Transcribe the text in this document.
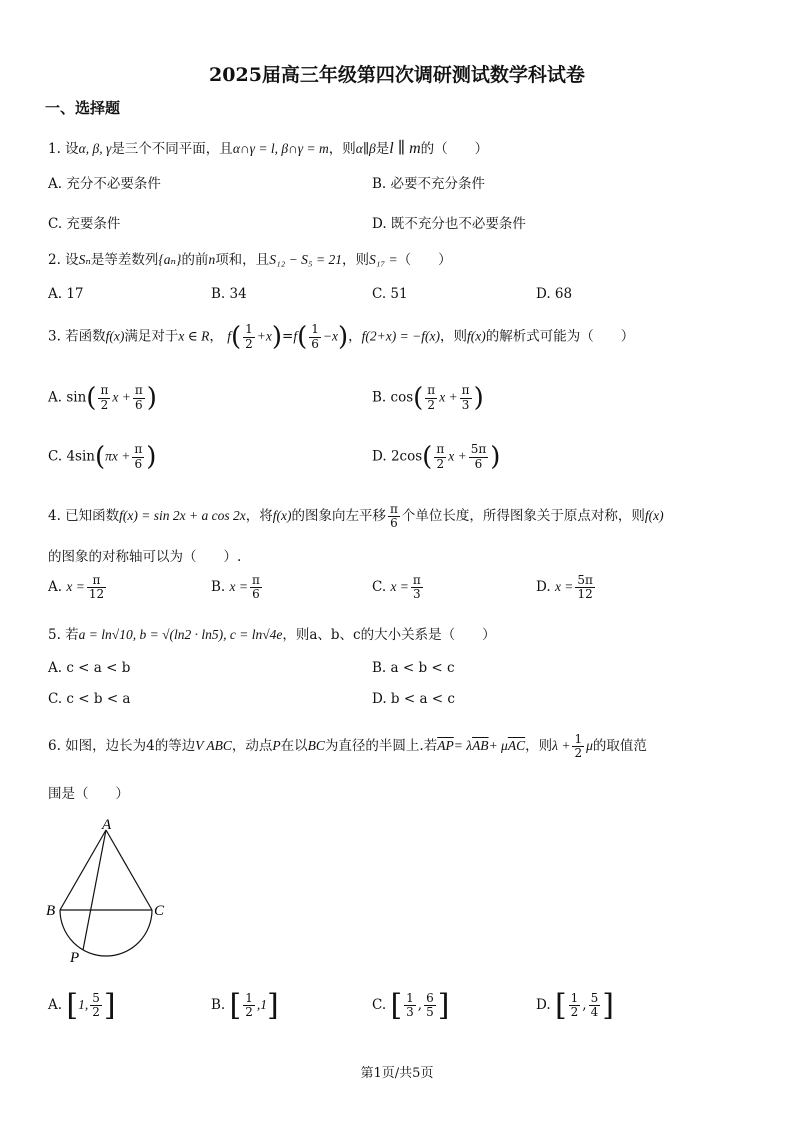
2025届高三年级第四次调研测试数学科试卷
一、选择题
1. 设α, β, γ是三个不同平面，且α∩γ = l, β∩γ = m，则α∥β是l ∥ m的（　　）
A. 充分不必要条件	B. 必要不充分条件
C. 充要条件	D. 既不充分也不必要条件
2. 设Sₙ是等差数列{aₙ}的前n项和，且S₁₂ − S₅ = 21，则S₁₇ =（　　）
A. 17	B. 34	C. 51	D. 68
3. 若函数f(x)满足对于x ∈ R， $f( \frac{1}{2} +x)=f( \frac{1}{6} -x)$，f(2+x) = −f(x)，则f(x)的解析式可能为（　　）
A. $\sin( \frac{\pi}{2}$ $x + \frac{\pi}{6}$ )	B. $\cos( \frac{\pi}{2}$ $x + \frac{\pi}{3}$ )
C. $4\sin(\pi x + \frac{\pi}{6}$ )	D. $2\cos( \frac{\pi}{2}$ $x + \frac{5\pi}{6}$ )
4. 已知函数f(x) = sin 2x + a cos 2x，将f(x)的图象向左平移 $\frac{\pi}{6}$ 个单位长度，所得图象关于原点对称，则f(x)
的图象的对称轴可以为（　　）.
A. $x = \frac{\pi}{12}$	B. $x = \frac{\pi}{6}$	C. $x = \frac{\pi}{3}$	D. $x = \frac{5\pi}{12}$
5. 若a = ln√10, b = √(ln2 · ln5), c = ln√4e，则a、b、c的大小关系是（　　）
A. c < a < b	B. a < b < c
C. c < b < a	D. b < a < c
6. 如图，边长为4的等边V ABC，动点P在以BC为直径的半圆上.若$\overline{AP}= \lambda\overline{AB}+ \mu\overline{AC}$，则$\lambda + \frac{1}{2}$ μ的取值范
围是（　　）
A
B	C
P
A. [1, $\frac{5}{2}$ ]	B. [ $\frac{1}{2} ,1$]	C. [ $\frac{1}{3}$ , $\frac{6}{5}$ ]	D. [ $\frac{1}{2}$ , $\frac{5}{4}$ ]
第1页/共5页
